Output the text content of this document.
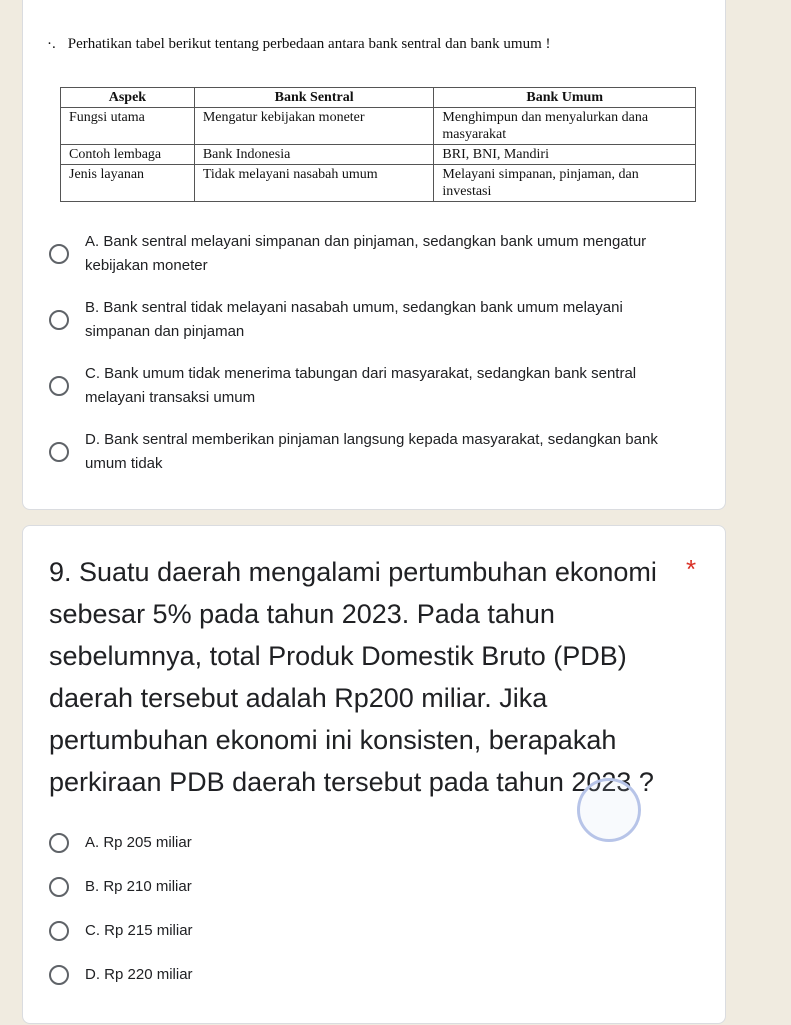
·. Perhatikan tabel berikut tentang perbedaan antara bank sentral dan bank umum !
Aspek	Bank Sentral	Bank Umum
Fungsi utama	Mengatur kebijakan moneter	Menghimpun dan menyalurkan dana masyarakat
Contoh lembaga	Bank Indonesia	BRI, BNI, Mandiri
Jenis layanan	Tidak melayani nasabah umum	Melayani simpanan, pinjaman, dan investasi
A. Bank sentral melayani simpanan dan pinjaman, sedangkan bank umum mengatur kebijakan moneter
B. Bank sentral tidak melayani nasabah umum, sedangkan bank umum melayani simpanan dan pinjaman
C. Bank umum tidak menerima tabungan dari masyarakat, sedangkan bank sentral melayani transaksi umum
D. Bank sentral memberikan pinjaman langsung kepada masyarakat, sedangkan bank umum tidak
9. Suatu daerah mengalami pertumbuhan ekonomi sebesar 5% pada tahun 2023. Pada tahun sebelumnya, total Produk Domestik Bruto (PDB) daerah tersebut adalah Rp200 miliar. Jika pertumbuhan ekonomi ini konsisten, berapakah perkiraan PDB daerah tersebut pada tahun 2023 ?
*
A. Rp 205 miliar
B. Rp 210 miliar
C. Rp 215 miliar
D. Rp 220 miliar
